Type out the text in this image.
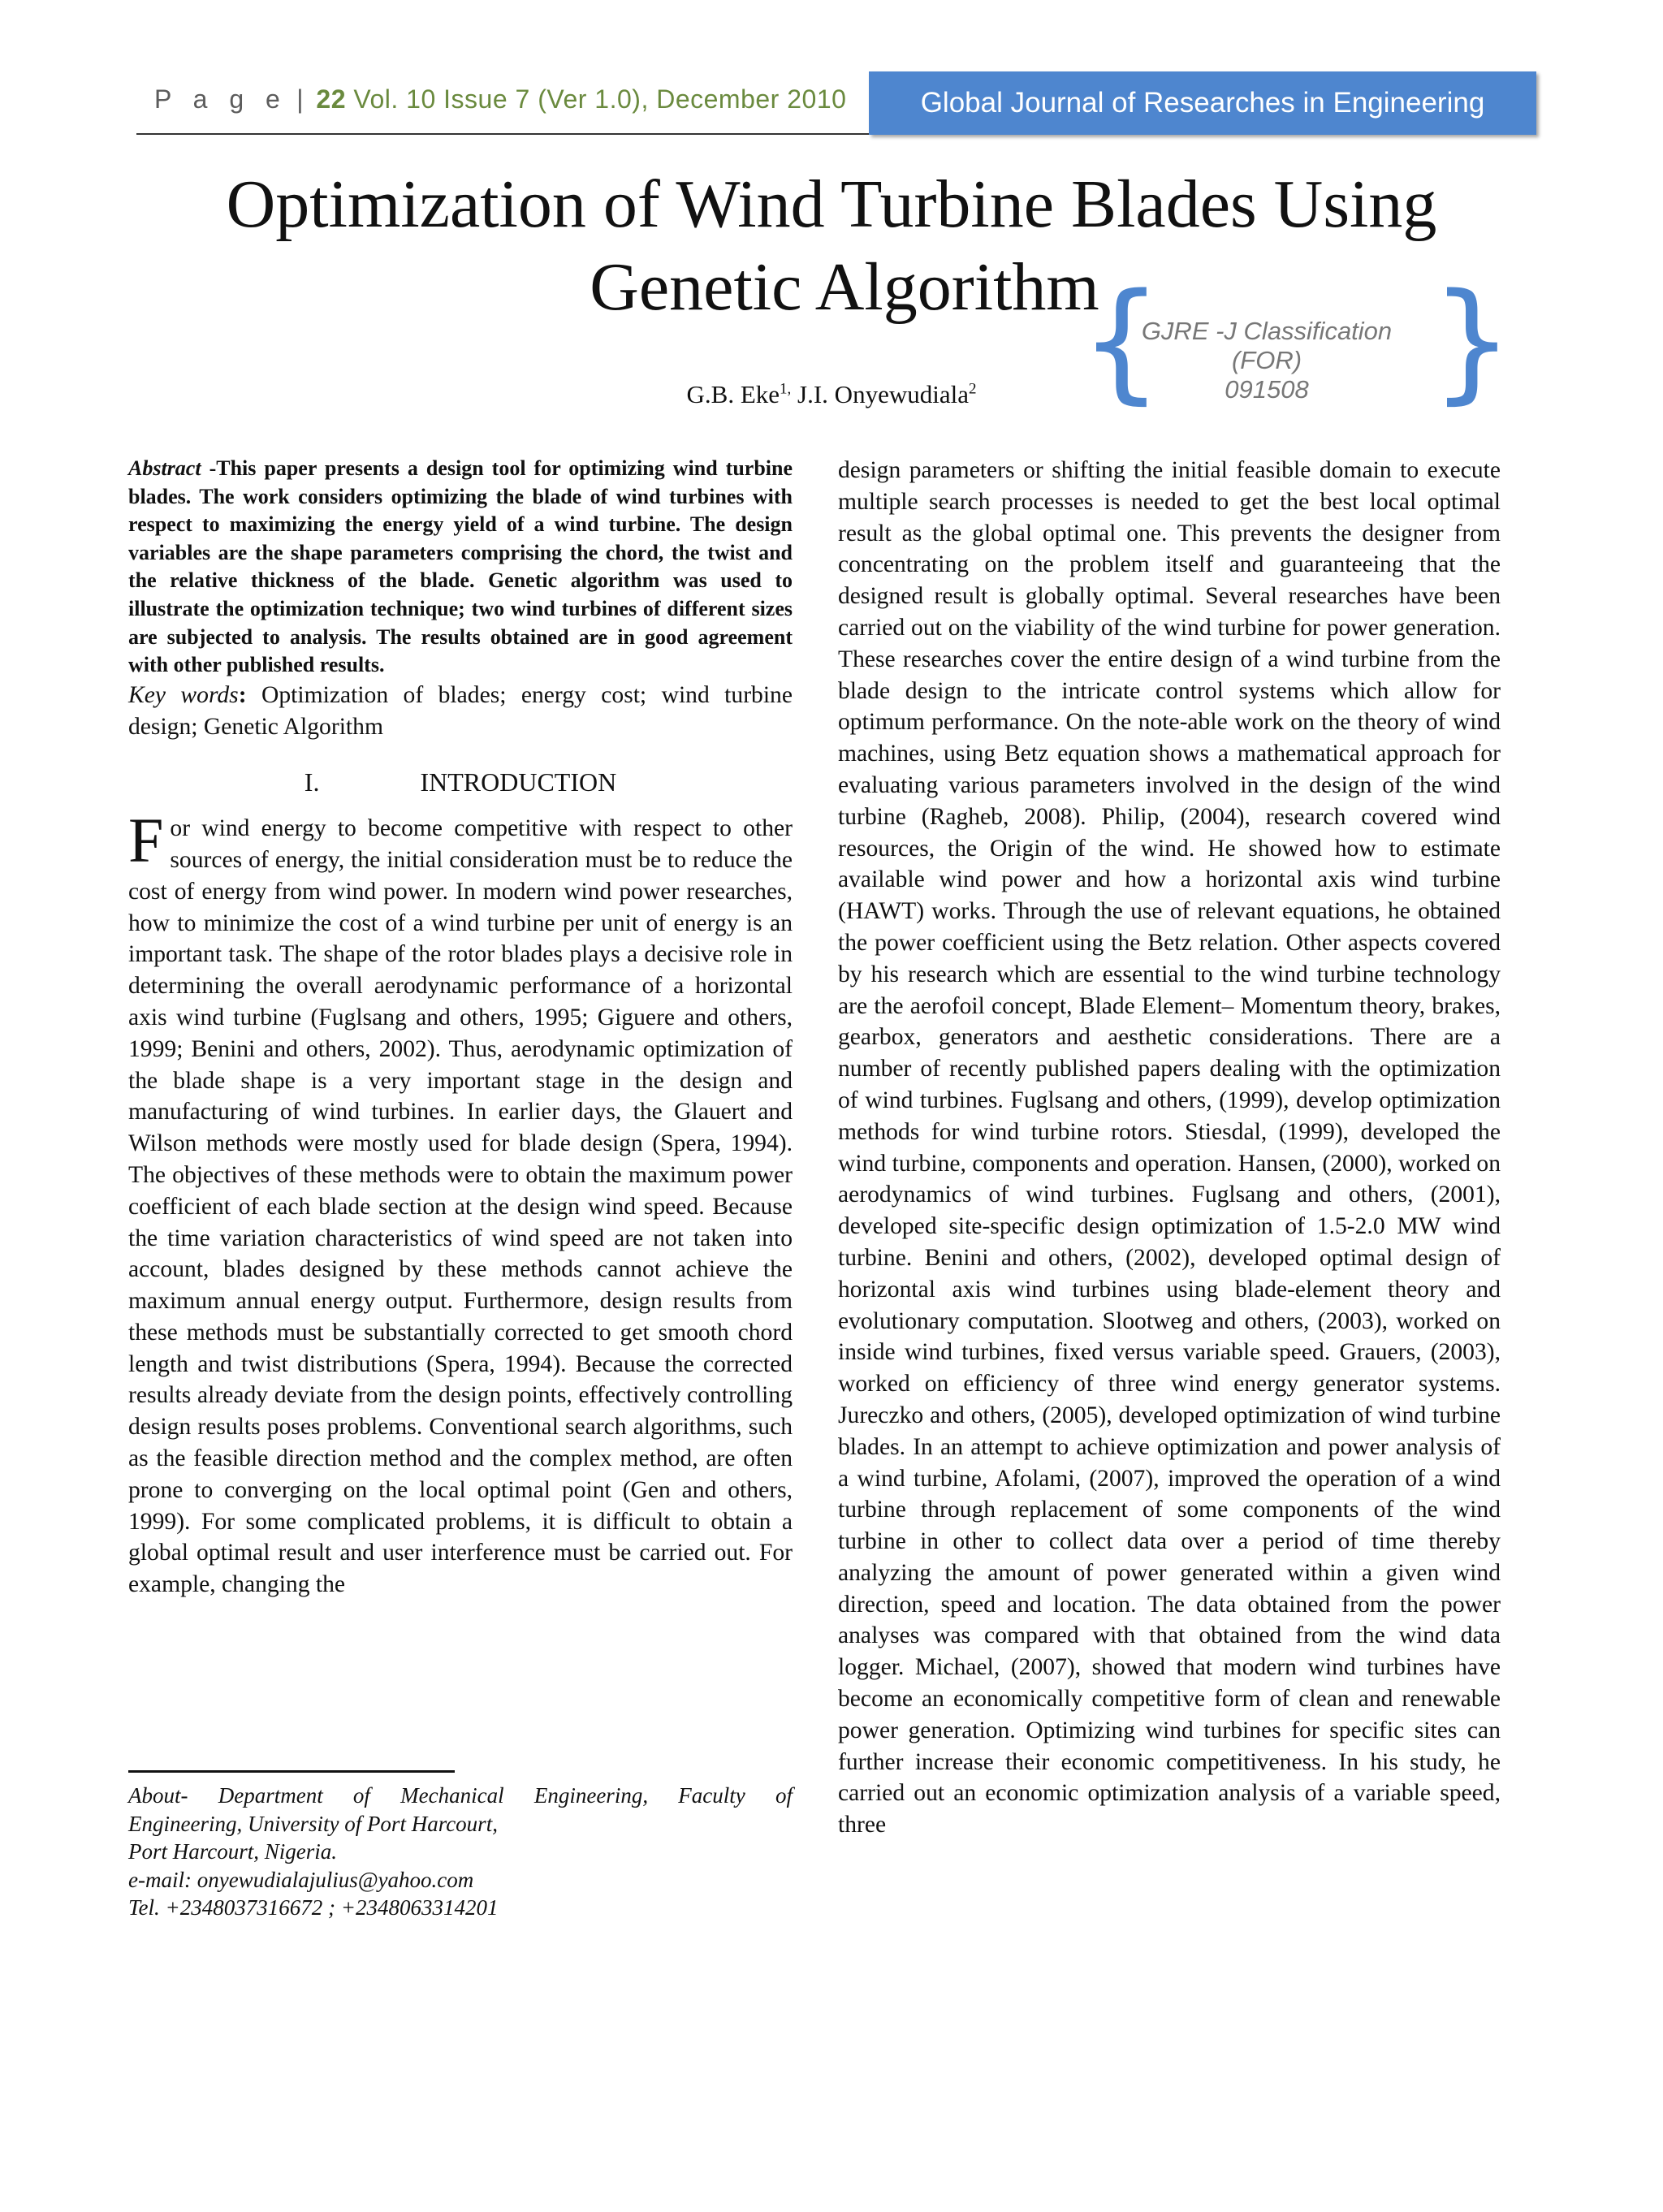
P a g e | 22 Vol. 10 Issue 7 (Ver 1.0), December 2010	Global Journal of Researches in Engineering
Optimization of Wind Turbine Blades Using
Genetic Algorithm
{
GJRE -J Classification (FOR)
091508 }
G.B. Eke$^{1,}$ J.I. Onyewudiala$^2$

Abstract -This paper presents a design tool for optimizing wind turbine blades. The work considers optimizing the blade of wind turbines with respect to maximizing the energy yield of a wind turbine. The design variables are the shape parameters comprising the chord, the twist and the relative thickness of the blade. Genetic algorithm was used to illustrate the optimization technique; two wind turbines of different sizes are subjected to analysis. The results obtained are in good agreement with other published results.

Key words: Optimization of blades; energy cost; wind turbine design; Genetic Algorithm

I.	INTRODUCTION

For wind energy to become competitive with respect to other sources of energy, the initial consideration must be to reduce the cost of energy from wind power. In modern wind power researches, how to minimize the cost of a wind turbine per unit of energy is an important task. The shape of the rotor blades plays a decisive role in determining the overall aerodynamic performance of a horizontal axis wind turbine (Fuglsang and others, 1995; Giguere and others, 1999; Benini and others, 2002). Thus, aerodynamic optimization of the blade shape is a very important stage in the design and manufacturing of wind turbines. In earlier days, the Glauert and Wilson methods were mostly used for blade design (Spera, 1994). The objectives of these methods were to obtain the maximum power coefficient of each blade section at the design wind speed. Because the time variation characteristics of wind speed are not taken into account, blades designed by these methods cannot achieve the maximum annual energy output. Furthermore, design results from these methods must be substantially corrected to get smooth chord length and twist distributions (Spera, 1994). Because the corrected results already deviate from the design points, effectively controlling design results poses problems. Conventional search algorithms, such as the feasible direction method and the complex method, are often prone to converging on the local optimal point (Gen and others, 1999). For some complicated problems, it is difficult to obtain a global optimal result and user interference must be carried out. For example, changing the

About- Department of Mechanical Engineering, Faculty of

Engineering, University of Port Harcourt,

Port Harcourt, Nigeria.

e-mail: onyewudialajulius@yahoo.com

Tel. +2348037316672 ; +2348063314201

design parameters or shifting the initial feasible domain to execute multiple search processes is needed to get the best local optimal result as the global optimal one. This prevents the designer from concentrating on the problem itself and guaranteeing that the designed result is globally optimal. Several researches have been carried out on the viability of the wind turbine for power generation. These researches cover the entire design of a wind turbine from the blade design to the intricate control systems which allow for optimum performance. On the note-able work on the theory of wind machines, using Betz equation shows a mathematical approach for evaluating various parameters involved in the design of the wind turbine (Ragheb, 2008). Philip, (2004), research covered wind resources, the Origin of the wind. He showed how to estimate available wind power and how a horizontal axis wind turbine (HAWT) works. Through the use of relevant equations, he obtained the power coefficient using the Betz relation. Other aspects covered by his research which are essential to the wind turbine technology are the aerofoil concept, Blade Element– Momentum theory, brakes, gearbox, generators and aesthetic considerations. There are a number of recently published papers dealing with the optimization of wind turbines. Fuglsang and others, (1999), develop optimization methods for wind turbine rotors. Stiesdal, (1999), developed the wind turbine, components and operation. Hansen, (2000), worked on aerodynamics of wind turbines. Fuglsang and others, (2001), developed site-specific design optimization of 1.5-2.0 MW wind turbine. Benini and others, (2002), developed optimal design of horizontal axis wind turbines using blade-element theory and evolutionary computation. Slootweg and others, (2003), worked on inside wind turbines, fixed versus variable speed. Grauers, (2003), worked on efficiency of three wind energy generator systems. Jureczko and others, (2005), developed optimization of wind turbine blades. In an attempt to achieve optimization and power analysis of a wind turbine, Afolami, (2007), improved the operation of a wind turbine through replacement of some components of the wind turbine in other to collect data over a period of time thereby analyzing the amount of power generated within a given wind direction, speed and location. The data obtained from the power analyses was compared with that obtained from the wind data logger. Michael, (2007), showed that modern wind turbines have become an economically competitive form of clean and renewable power generation. Optimizing wind turbines for specific sites can further increase their economic competitiveness. In his study, he carried out an economic optimization analysis of a variable speed, three
